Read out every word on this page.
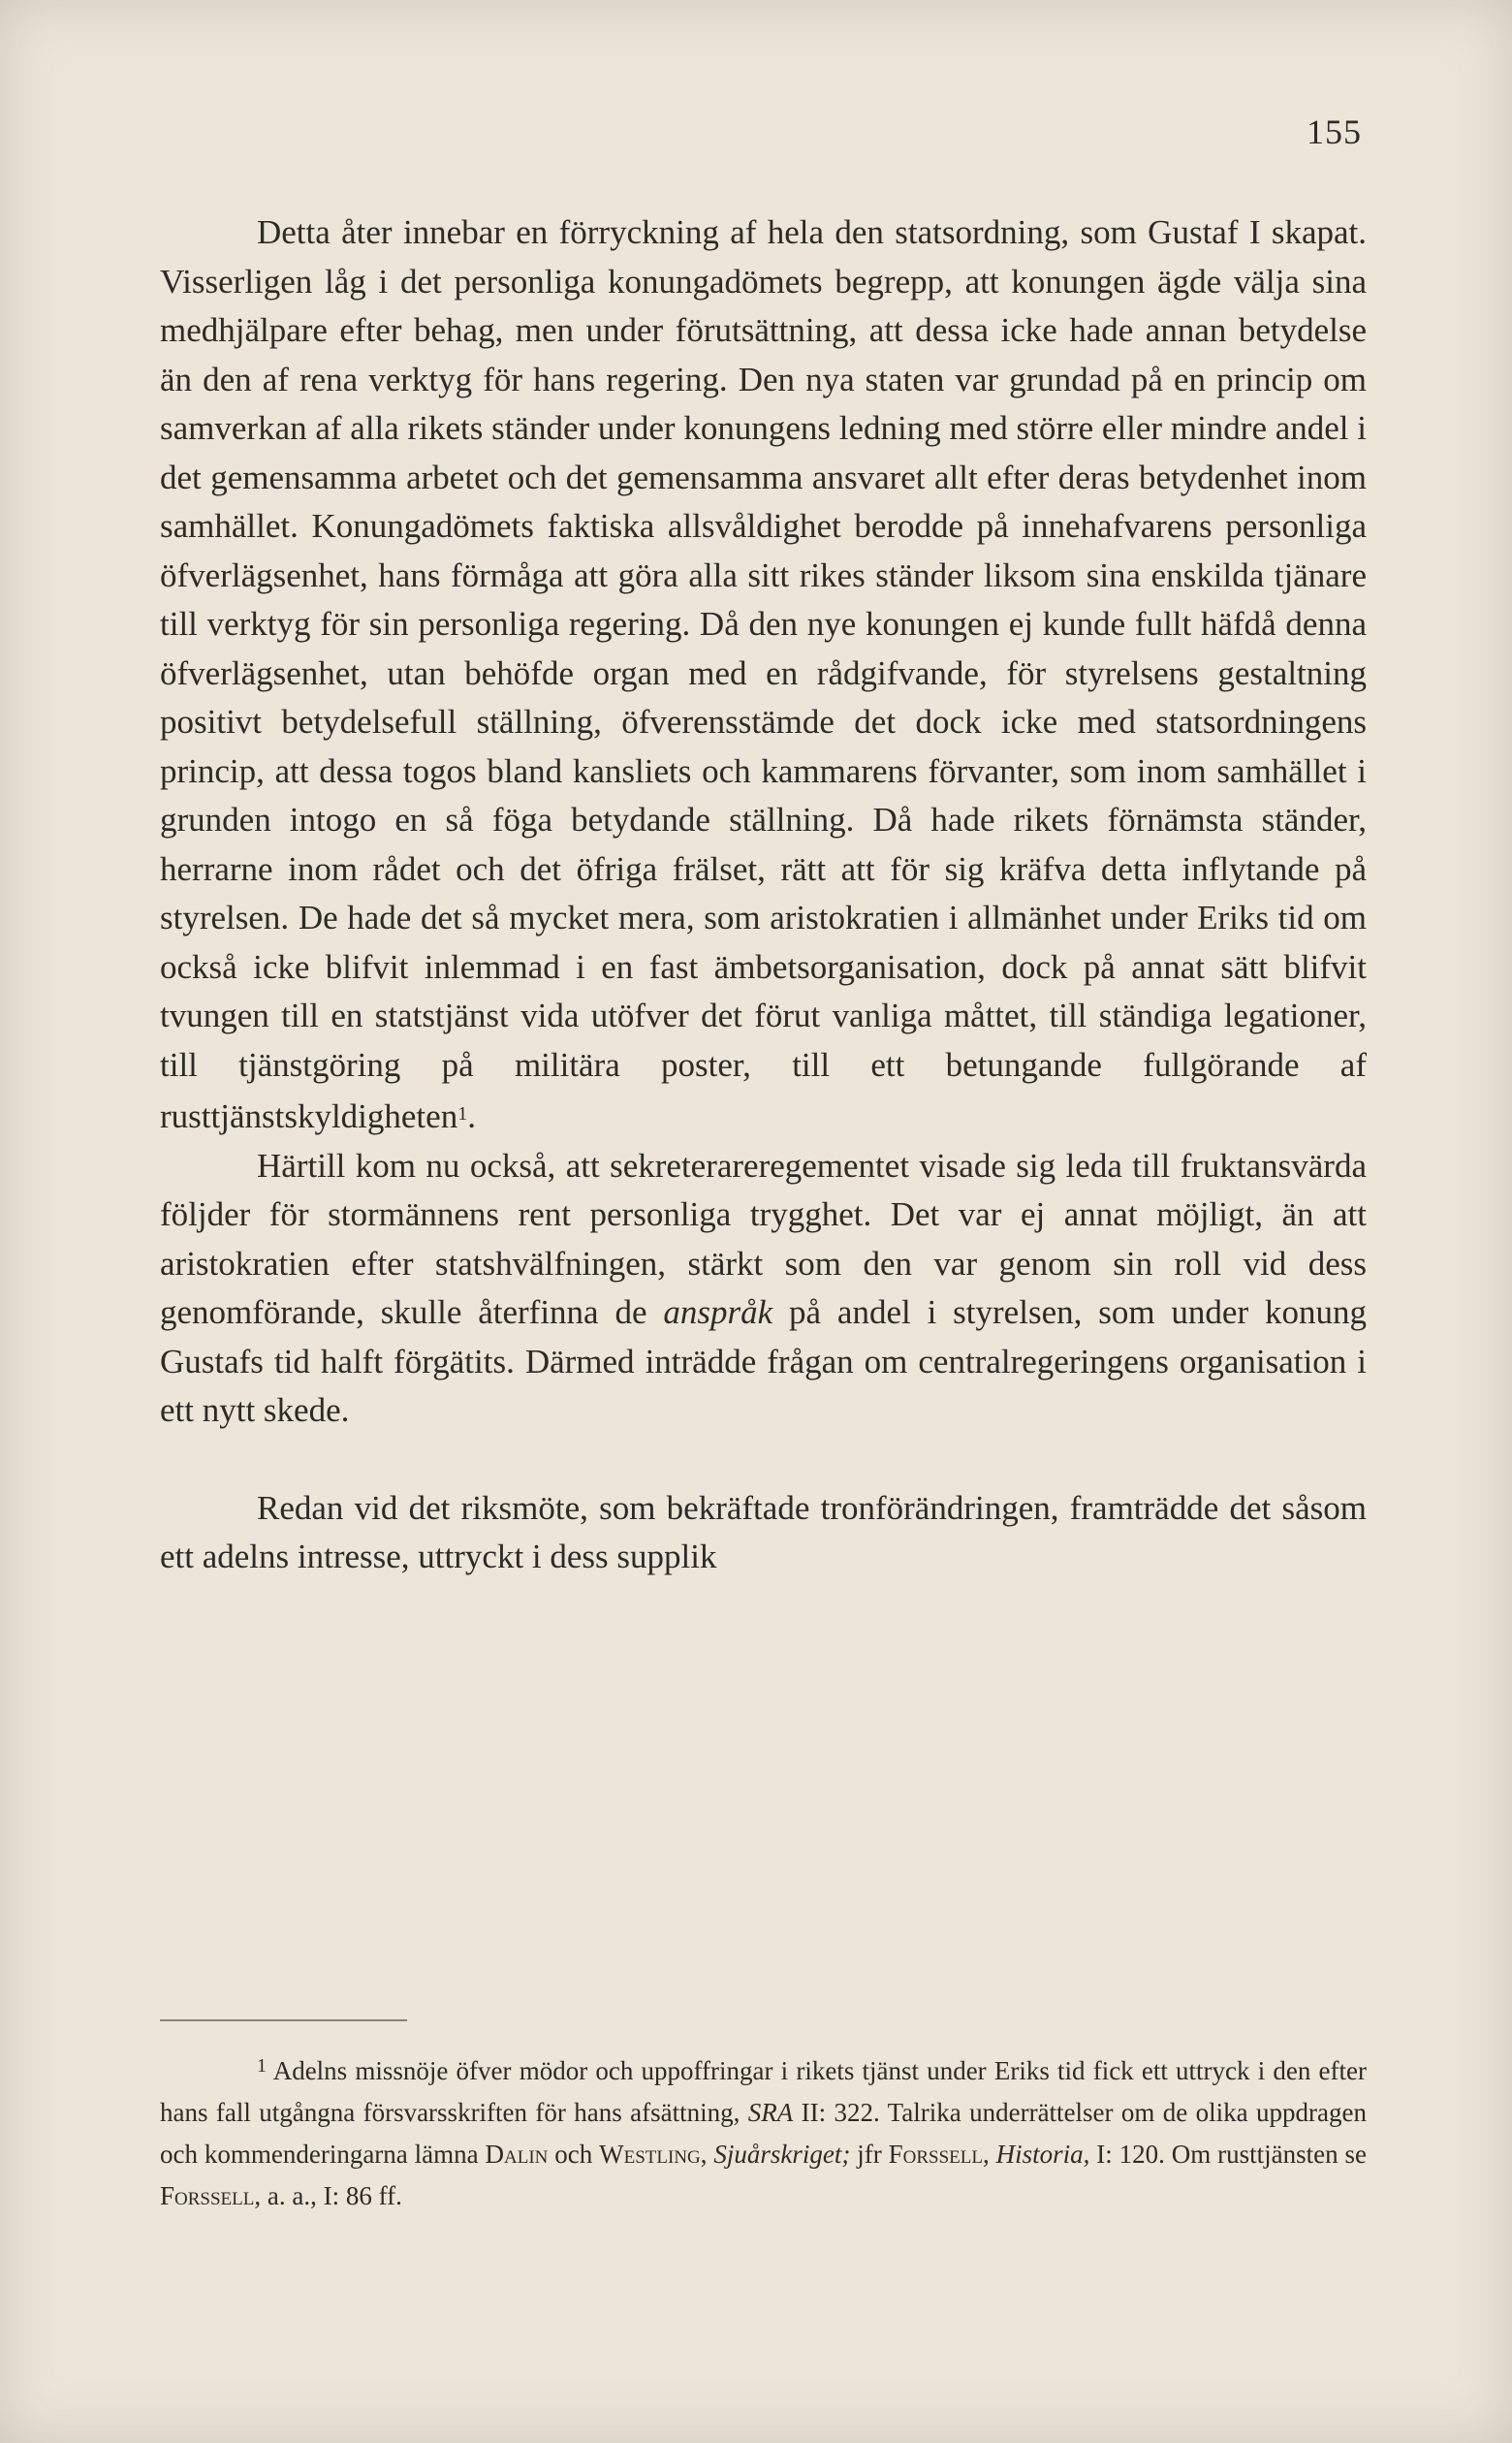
155

Detta åter innebar en förryckning af hela den statsordning, som Gustaf I skapat. Visserligen låg i det personliga konungadömets begrepp, att konungen ägde välja sina medhjälpare efter behag, men under förutsättning, att dessa icke hade annan betydelse än den af rena verktyg för hans regering. Den nya staten var grundad på en princip om samverkan af alla rikets ständer under konungens ledning med större eller mindre andel i det gemensamma arbetet och det gemensamma ansvaret allt efter deras betydenhet inom samhället. Konungadömets faktiska allsvåldighet berodde på innehafvarens personliga öfverlägsenhet, hans förmåga att göra alla sitt rikes ständer liksom sina enskilda tjänare till verktyg för sin personliga regering. Då den nye konungen ej kunde fullt häfdå denna öfverlägsenhet, utan behöfde organ med en rådgifvande, för styrelsens gestaltning positivt betydelsefull ställning, öfverensstämde det dock icke med statsordningens princip, att dessa togos bland kansliets och kammarens förvanter, som inom samhället i grunden intogo en så föga betydande ställning. Då hade rikets förnämsta ständer, herrarne inom rådet och det öfriga frälset, rätt att för sig kräfva detta inflytande på styrelsen. De hade det så mycket mera, som aristokratien i allmänhet under Eriks tid om också icke blifvit inlemmad i en fast ämbetsorganisation, dock på annat sätt blifvit tvungen till en statstjänst vida utöfver det förut vanliga måttet, till ständiga legationer, till tjänstgöring på militära poster, till ett betungande fullgörande af rusttjänstskyldigheten$^1$.

Härtill kom nu också, att sekreterareregementet visade sig leda till fruktansvärda följder för stormännens rent personliga trygghet. Det var ej annat möjligt, än att aristokratien efter statshvälfningen, stärkt som den var genom sin roll vid dess genomförande, skulle återfinna de anspråk på andel i styrelsen, som under konung Gustafs tid halft förgätits. Därmed inträdde frågan om centralregeringens organisation i ett nytt skede.

Redan vid det riksmöte, som bekräftade tronförändringen, framträdde det såsom ett adelns intresse, uttryckt i dess supplik

$^1$ Adelns missnöje öfver mödor och uppoffringar i rikets tjänst under Eriks tid fick ett uttryck i den efter hans fall utgångna försvarsskriften för hans afsättning, SRA II: 322. Talrika underrättelser om de olika uppdragen och kommenderingarna lämna Dalin och Westling, Sjuårskriget; jfr Forssell, Historia, I: 120. Om rusttjänsten se Forssell, a. a., I: 86 ff.
